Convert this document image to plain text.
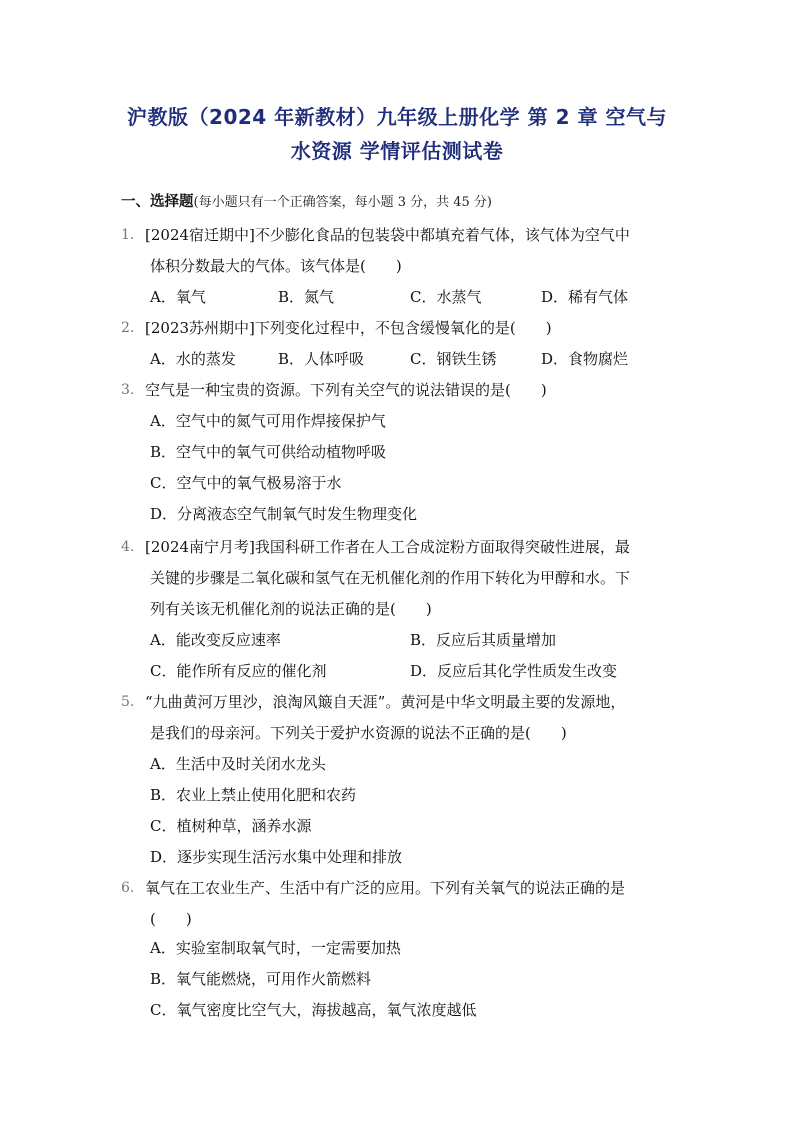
沪教版（2024 年新教材）九年级上册化学 第 2 章 空气与
水资源 学情评估测试卷
一、选择题(每小题只有一个正确答案，每小题 3 分，共 45 分)
1. [2024宿迁期中]不少膨化食品的包装袋中都填充着气体，该气体为空气中
体积分数最大的气体。该气体是(　　)
A．氧气	B．氮气	C．水蒸气	D．稀有气体
2. [2023苏州期中]下列变化过程中，不包含缓慢氧化的是(　　)
A．水的蒸发	B．人体呼吸	C．钢铁生锈	D．食物腐烂
3. 空气是一种宝贵的资源。下列有关空气的说法错误的是(　　)
A．空气中的氮气可用作焊接保护气
B．空气中的氧气可供给动植物呼吸
C．空气中的氧气极易溶于水
D．分离液态空气制氧气时发生物理变化
4. [2024南宁月考]我国科研工作者在人工合成淀粉方面取得突破性进展，最
关键的步骤是二氧化碳和氢气在无机催化剂的作用下转化为甲醇和水。下
列有关该无机催化剂的说法正确的是(　　)
A．能改变反应速率	B．反应后其质量增加
C．能作所有反应的催化剂	D．反应后其化学性质发生改变
5. “九曲黄河万里沙，浪淘风簸自天涯”。黄河是中华文明最主要的发源地，
是我们的母亲河。下列关于爱护水资源的说法不正确的是(　　)
A．生活中及时关闭水龙头
B．农业上禁止使用化肥和农药
C．植树种草，涵养水源
D．逐步实现生活污水集中处理和排放
6. 氧气在工农业生产、生活中有广泛的应用。下列有关氧气的说法正确的是
(　　)
A．实验室制取氧气时，一定需要加热
B．氧气能燃烧，可用作火箭燃料
C．氧气密度比空气大，海拔越高，氧气浓度越低
